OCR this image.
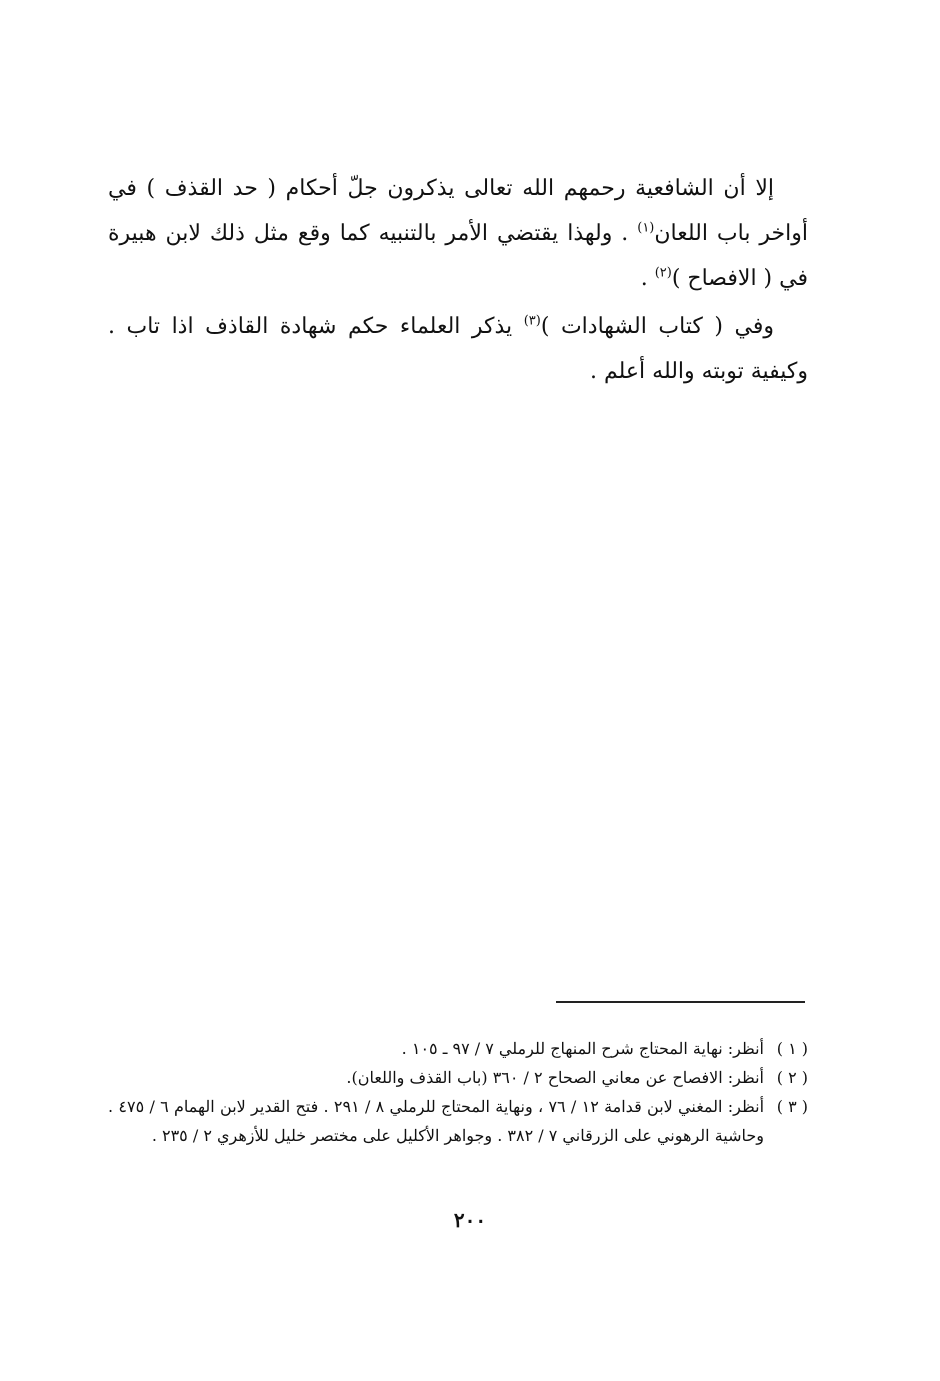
إلا أن الشافعية رحمهم الله تعالى يذكرون جلّ أحكام ( حد القذف ) في أواخر باب اللعان$^{(١)}$ . ولهذا يقتضي الأمر بالتنبيه كما وقع مثل ذلك لابن هبيرة في ( الافصاح )$^{(٢)}$ .

وفي ( كتاب الشهادات )$^{(٣)}$ يذكر العلماء حكم شهادة القاذف اذا تاب . وكيفية توبته والله أعلم .

( ١ )
أنظر: نهاية المحتاج شرح المنهاج للرملي ٧ / ٩٧ ـ ١٠٥ .
( ٢ )
أنظر: الافصاح عن معاني الصحاح ٢ / ٣٦٠ (باب القذف واللعان).
( ٣ )
أنظر: المغني لابن قدامة ١٢ / ٧٦ ، ونهاية المحتاج للرملي ٨ / ٢٩١ . فتح القدير لابن الهمام ٦ / ٤٧٥ . وحاشية الرهوني على الزرقاني ٧ / ٣٨٢ . وجواهر الأكليل على مختصر خليل للأزهري ٢ / ٢٣٥ .
٢٠٠
